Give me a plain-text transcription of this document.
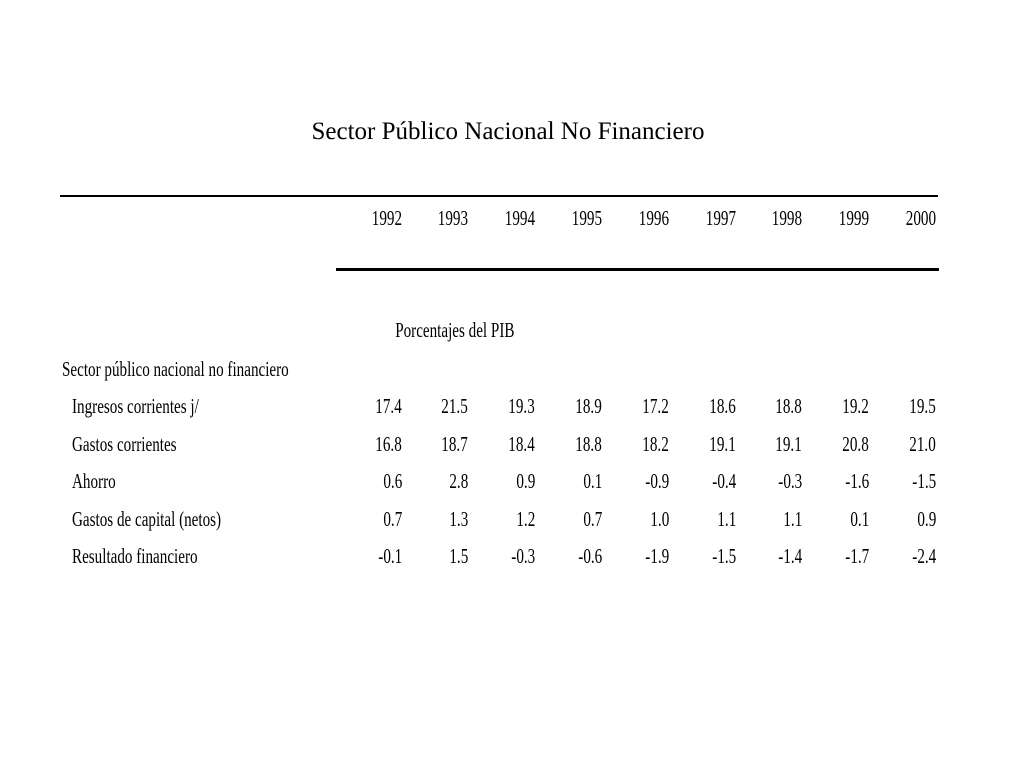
Sector Público Nacional No Financiero
1992	1993	1994	1995	1996	1997	1998	1999	2000
Porcentajes del PIB
Sector público nacional no financiero
Ingresos corrientes j/	17.4	21.5	19.3	18.9	17.2	18.6	18.8	19.2	19.5
Gastos corrientes	16.8	18.7	18.4	18.8	18.2	19.1	19.1	20.8	21.0
Ahorro	0.6	2.8	0.9	0.1	-0.9	-0.4	-0.3	-1.6	-1.5
Gastos de capital (netos)	0.7	1.3	1.2	0.7	1.0	1.1	1.1	0.1	0.9
Resultado financiero	-0.1	1.5	-0.3	-0.6	-1.9	-1.5	-1.4	-1.7	-2.4
